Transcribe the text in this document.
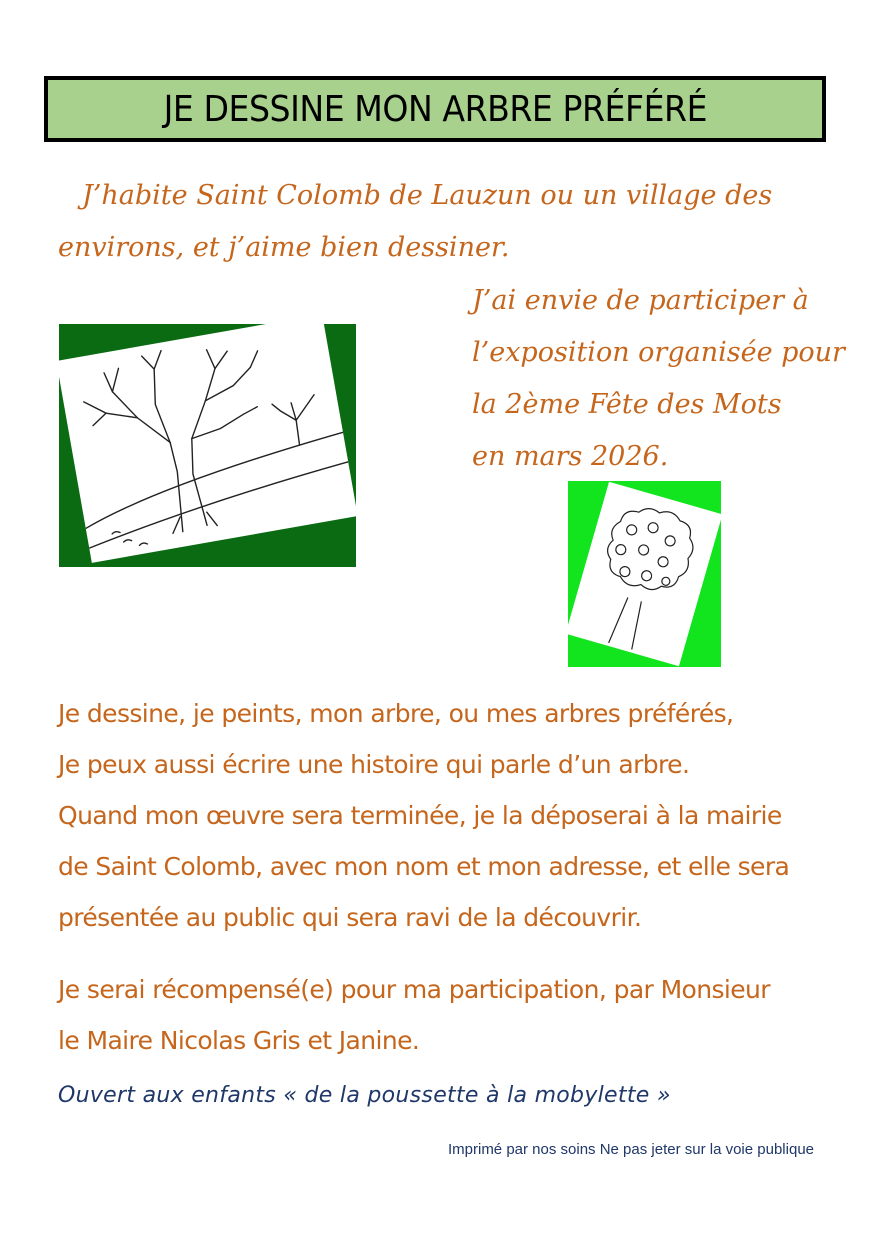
JE DESSINE MON ARBRE PRÉFÉRÉ

J’habite Saint Colomb de Lauzun ou un village des
environs, et j’aime bien dessiner.

J’ai envie de participer à
l’exposition organisée pour
la 2ème Fête des Mots
en mars 2026.

Je dessine, je peints, mon arbre, ou mes arbres préférés,
Je peux aussi écrire une histoire qui parle d’un arbre.
Quand mon œuvre sera terminée, je la déposerai à la mairie
de Saint Colomb, avec mon nom et mon adresse, et elle sera
présentée au public qui sera ravi de la découvrir.

Je serai récompensé(e) pour ma participation, par Monsieur
le Maire Nicolas Gris et Janine.

Ouvert aux enfants « de la poussette à la mobylette »

Imprimé par nos soins Ne pas jeter sur la voie publique
